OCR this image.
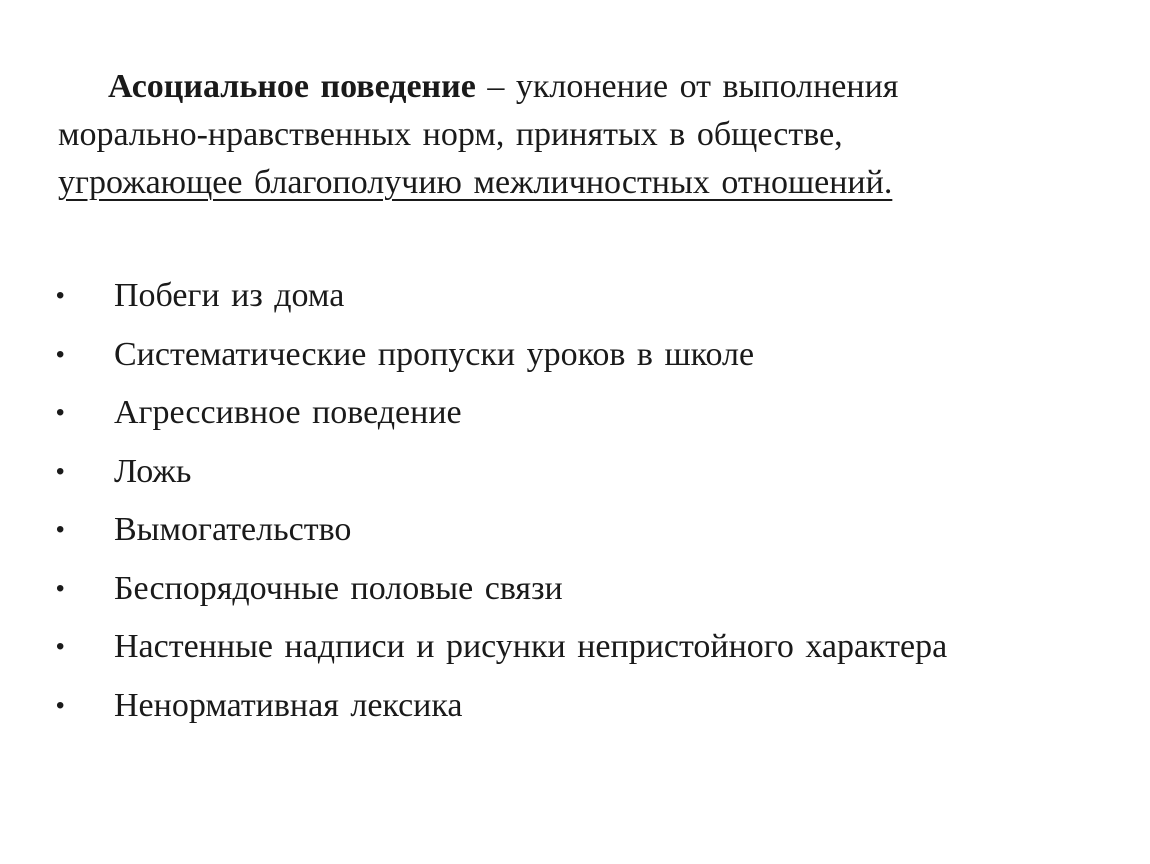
Асоциальное поведение – уклонение от выполнения
морально-нравственных норм, принятых в обществе,
угрожающее благополучию межличностных отношений.
• Побеги из дома
• Систематические пропуски уроков в школе
• Агрессивное поведение
• Ложь
• Вымогательство
• Беспорядочные половые связи
• Настенные надписи и рисунки непристойного характера
• Ненормативная лексика
